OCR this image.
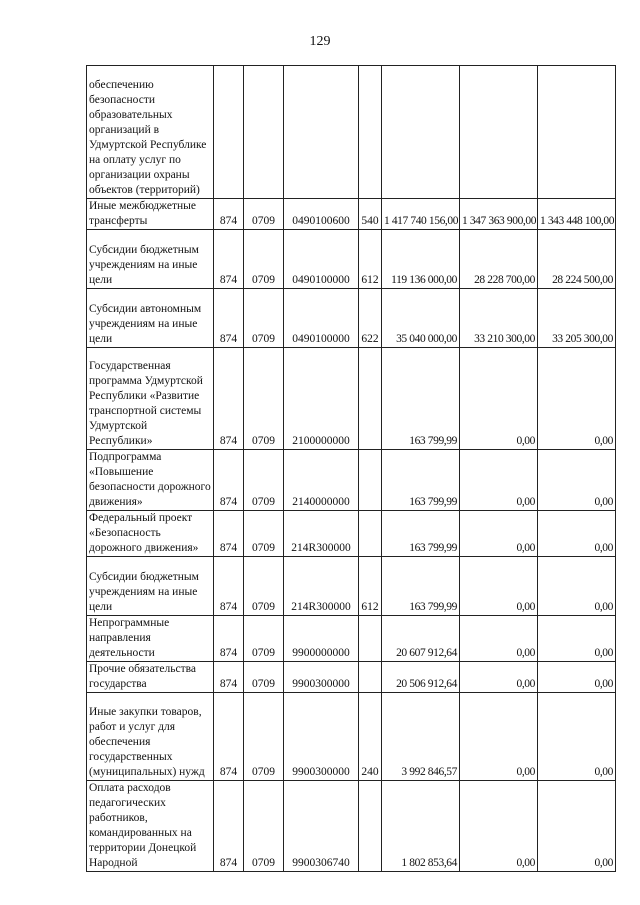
129
обеспечению безопасности образовательных организаций в Удмуртской Республике на оплату услуг по организации охраны объектов (территорий)							
Иные межбюджетные трансферты	874	0709	0490100600	540	1 417 740 156,00	1 347 363 900,00	1 343 448 100,00
Субсидии бюджетным учреждениям на иные цели	874	0709	0490100000	612	119 136 000,00	28 228 700,00	28 224 500,00
Субсидии автономным учреждениям на иные цели	874	0709	0490100000	622	35 040 000,00	33 210 300,00	33 205 300,00
Государственная программа Удмуртской Республики «Развитие транспортной системы Удмуртской Республики»	874	0709	2100000000		163 799,99	0,00	0,00
Подпрограмма «Повышение безопасности дорожного движения»	874	0709	2140000000		163 799,99	0,00	0,00
Федеральный проект «Безопасность дорожного движения»	874	0709	214R300000		163 799,99	0,00	0,00
Субсидии бюджетным учреждениям на иные цели	874	0709	214R300000	612	163 799,99	0,00	0,00
Непрограммные направления деятельности	874	0709	9900000000		20 607 912,64	0,00	0,00
Прочие обязательства государства	874	0709	9900300000		20 506 912,64	0,00	0,00
Иные закупки товаров, работ и услуг для обеспечения государственных (муниципальных) нужд	874	0709	9900300000	240	3 992 846,57	0,00	0,00
Оплата расходов педагогических работников, командированных на территории Донецкой Народной	874	0709	9900306740		1 802 853,64	0,00	0,00
